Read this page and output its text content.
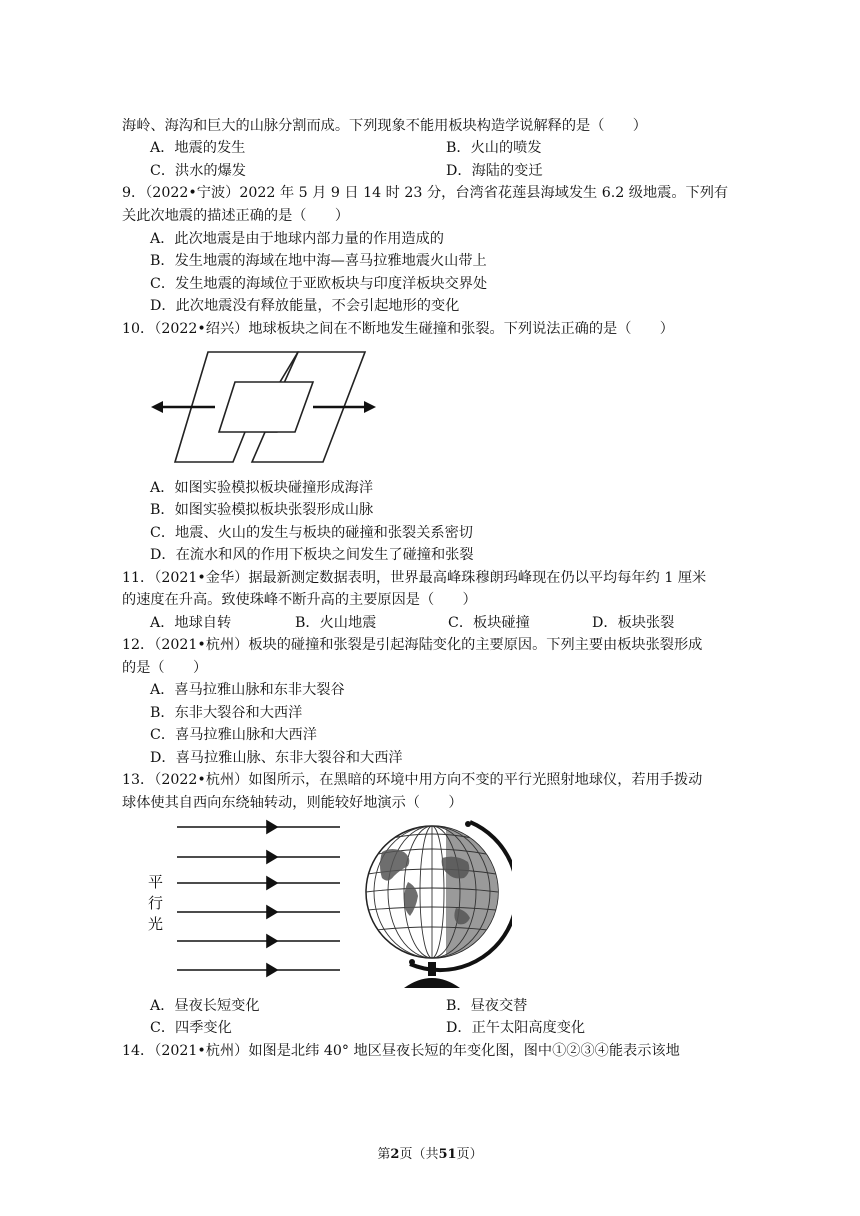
海岭、海沟和巨大的山脉分割而成。下列现象不能用板块构造学说解释的是（　　）
A．地震的发生	B．火山的喷发
C．洪水的爆发	D．海陆的变迁
9．（2022•宁波）2022 年 5 月 9 日 14 时 23 分，台湾省花莲县海域发生 6.2 级地震。下列有
关此次地震的描述正确的是（　　）
A．此次地震是由于地球内部力量的作用造成的
B．发生地震的海域在地中海—喜马拉雅地震火山带上
C．发生地震的海域位于亚欧板块与印度洋板块交界处
D．此次地震没有释放能量，不会引起地形的变化
10．（2022•绍兴）地球板块之间在不断地发生碰撞和张裂。下列说法正确的是（　　）
A．如图实验模拟板块碰撞形成海洋
B．如图实验模拟板块张裂形成山脉
C．地震、火山的发生与板块的碰撞和张裂关系密切
D．在流水和风的作用下板块之间发生了碰撞和张裂
11．（2021•金华）据最新测定数据表明，世界最高峰珠穆朗玛峰现在仍以平均每年约 1 厘米
的速度在升高。致使珠峰不断升高的主要原因是（　　）
A．地球自转	B．火山地震	C．板块碰撞	D．板块张裂
12．（2021•杭州）板块的碰撞和张裂是引起海陆变化的主要原因。下列主要由板块张裂形成
的是（　　）
A．喜马拉雅山脉和东非大裂谷
B．东非大裂谷和大西洋
C．喜马拉雅山脉和大西洋
D．喜马拉雅山脉、东非大裂谷和大西洋
13．（2022•杭州）如图所示，在黑暗的环境中用方向不变的平行光照射地球仪，若用手拨动
球体使其自西向东绕轴转动，则能较好地演示（　　）
平
行
光
A．昼夜长短变化	B．昼夜交替
C．四季变化	D．正午太阳高度变化
14．（2021•杭州）如图是北纬 40° 地区昼夜长短的年变化图，图中①②③④能表示该地
第2页（共51页）
